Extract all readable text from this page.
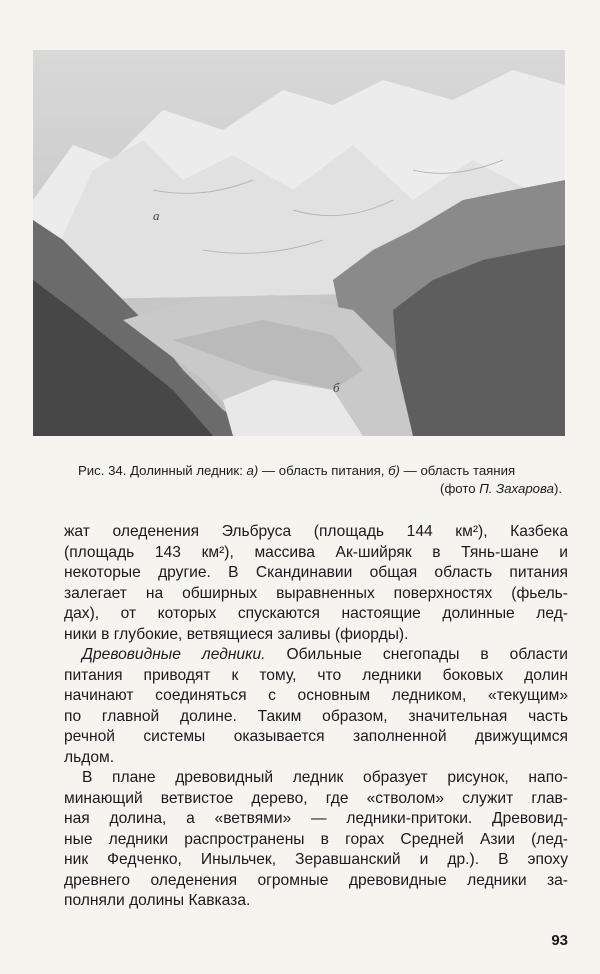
а
б
Рис. 34. Долинный ледник: а) — область питания, б) — область таяния
(фото П. Захарова).

жат оледенения Эльбруса (площадь 144 км²), Казбека
(площадь 143 км²), массива Ак-шийряк в Тянь-шане и
некоторые другие. В Скандинавии общая область питания
залегает на обширных выравненных поверхностях (фьель-
дах), от которых спускаются настоящие долинные лед-
ники в глубокие, ветвящиеся заливы (фиорды).

Древовидные ледники. Обильные снегопады в области
питания приводят к тому, что ледники боковых долин
начинают соединяться с основным ледником, «текущим»
по главной долине. Таким образом, значительная часть
речной системы оказывается заполненной движущимся
льдом.

В плане древовидный ледник образует рисунок, напо-
минающий ветвистое дерево, где «стволом» служит глав-
ная долина, а «ветвями» — ледники-притоки. Древовид-
ные ледники распространены в горах Средней Азии (лед-
ник Федченко, Иныльчек, Зеравшанский и др.). В эпоху
древнего оледенения огромные древовидные ледники за-
полняли долины Кавказа.

93
